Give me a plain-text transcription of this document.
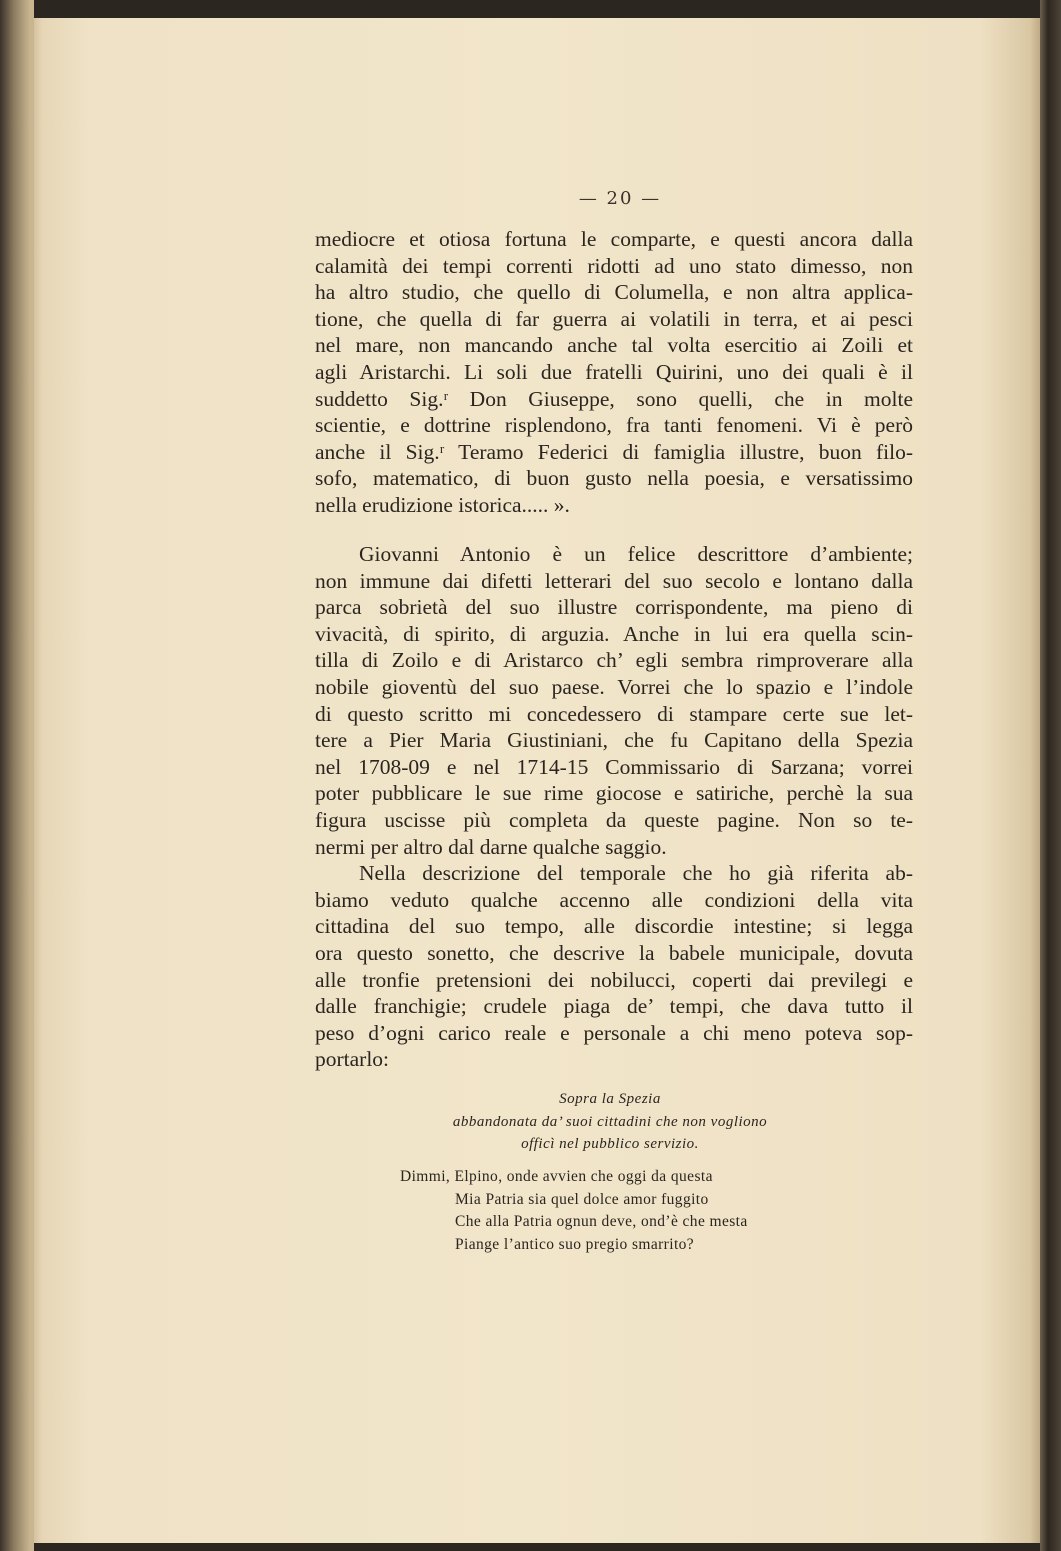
— 20 —
mediocre et otiosa fortuna le comparte, e questi ancora dalla
calamità dei tempi correnti ridotti ad uno stato dimesso, non
ha altro studio, che quello di Columella, e non altra applica-
tione, che quella di far guerra ai volatili in terra, et ai pesci
nel mare, non mancando anche tal volta esercitio ai Zoili et
agli Aristarchi. Li soli due fratelli Quirini, uno dei quali è il
suddetto Sig.ʳ Don Giuseppe, sono quelli, che in molte
scientie, e dottrine risplendono, fra tanti fenomeni. Vi è però
anche il Sig.ʳ Teramo Federici di famiglia illustre, buon filo-
sofo, matematico, di buon gusto nella poesia, e versatissimo
nella erudizione istorica..... ».
Giovanni Antonio è un felice descrittore d’ambiente;
non immune dai difetti letterari del suo secolo e lontano dalla
parca sobrietà del suo illustre corrispondente, ma pieno di
vivacità, di spirito, di arguzia. Anche in lui era quella scin-
tilla di Zoilo e di Aristarco ch’ egli sembra rimproverare alla
nobile gioventù del suo paese. Vorrei che lo spazio e l’indole
di questo scritto mi concedessero di stampare certe sue let-
tere a Pier Maria Giustiniani, che fu Capitano della Spezia
nel 1708-09 e nel 1714-15 Commissario di Sarzana; vorrei
poter pubblicare le sue rime giocose e satiriche, perchè la sua
figura uscisse più completa da queste pagine. Non so te-
nermi per altro dal darne qualche saggio.
Nella descrizione del temporale che ho già riferita ab-
biamo veduto qualche accenno alle condizioni della vita
cittadina del suo tempo, alle discordie intestine; si legga
ora questo sonetto, che descrive la babele municipale, dovuta
alle tronfie pretensioni dei nobilucci, coperti dai previlegi e
dalle franchigie; crudele piaga de’ tempi, che dava tutto il
peso d’ogni carico reale e personale a chi meno poteva sop-
portarlo:
Sopra la Spezia
abbandonata da’ suoi cittadini che non vogliono
officì nel pubblico servizio.
Dimmi, Elpino, onde avvien che oggi da questa
Mia Patria sia quel dolce amor fuggito
Che alla Patria ognun deve, ond’è che mesta
Piange l’antico suo pregio smarrito?
